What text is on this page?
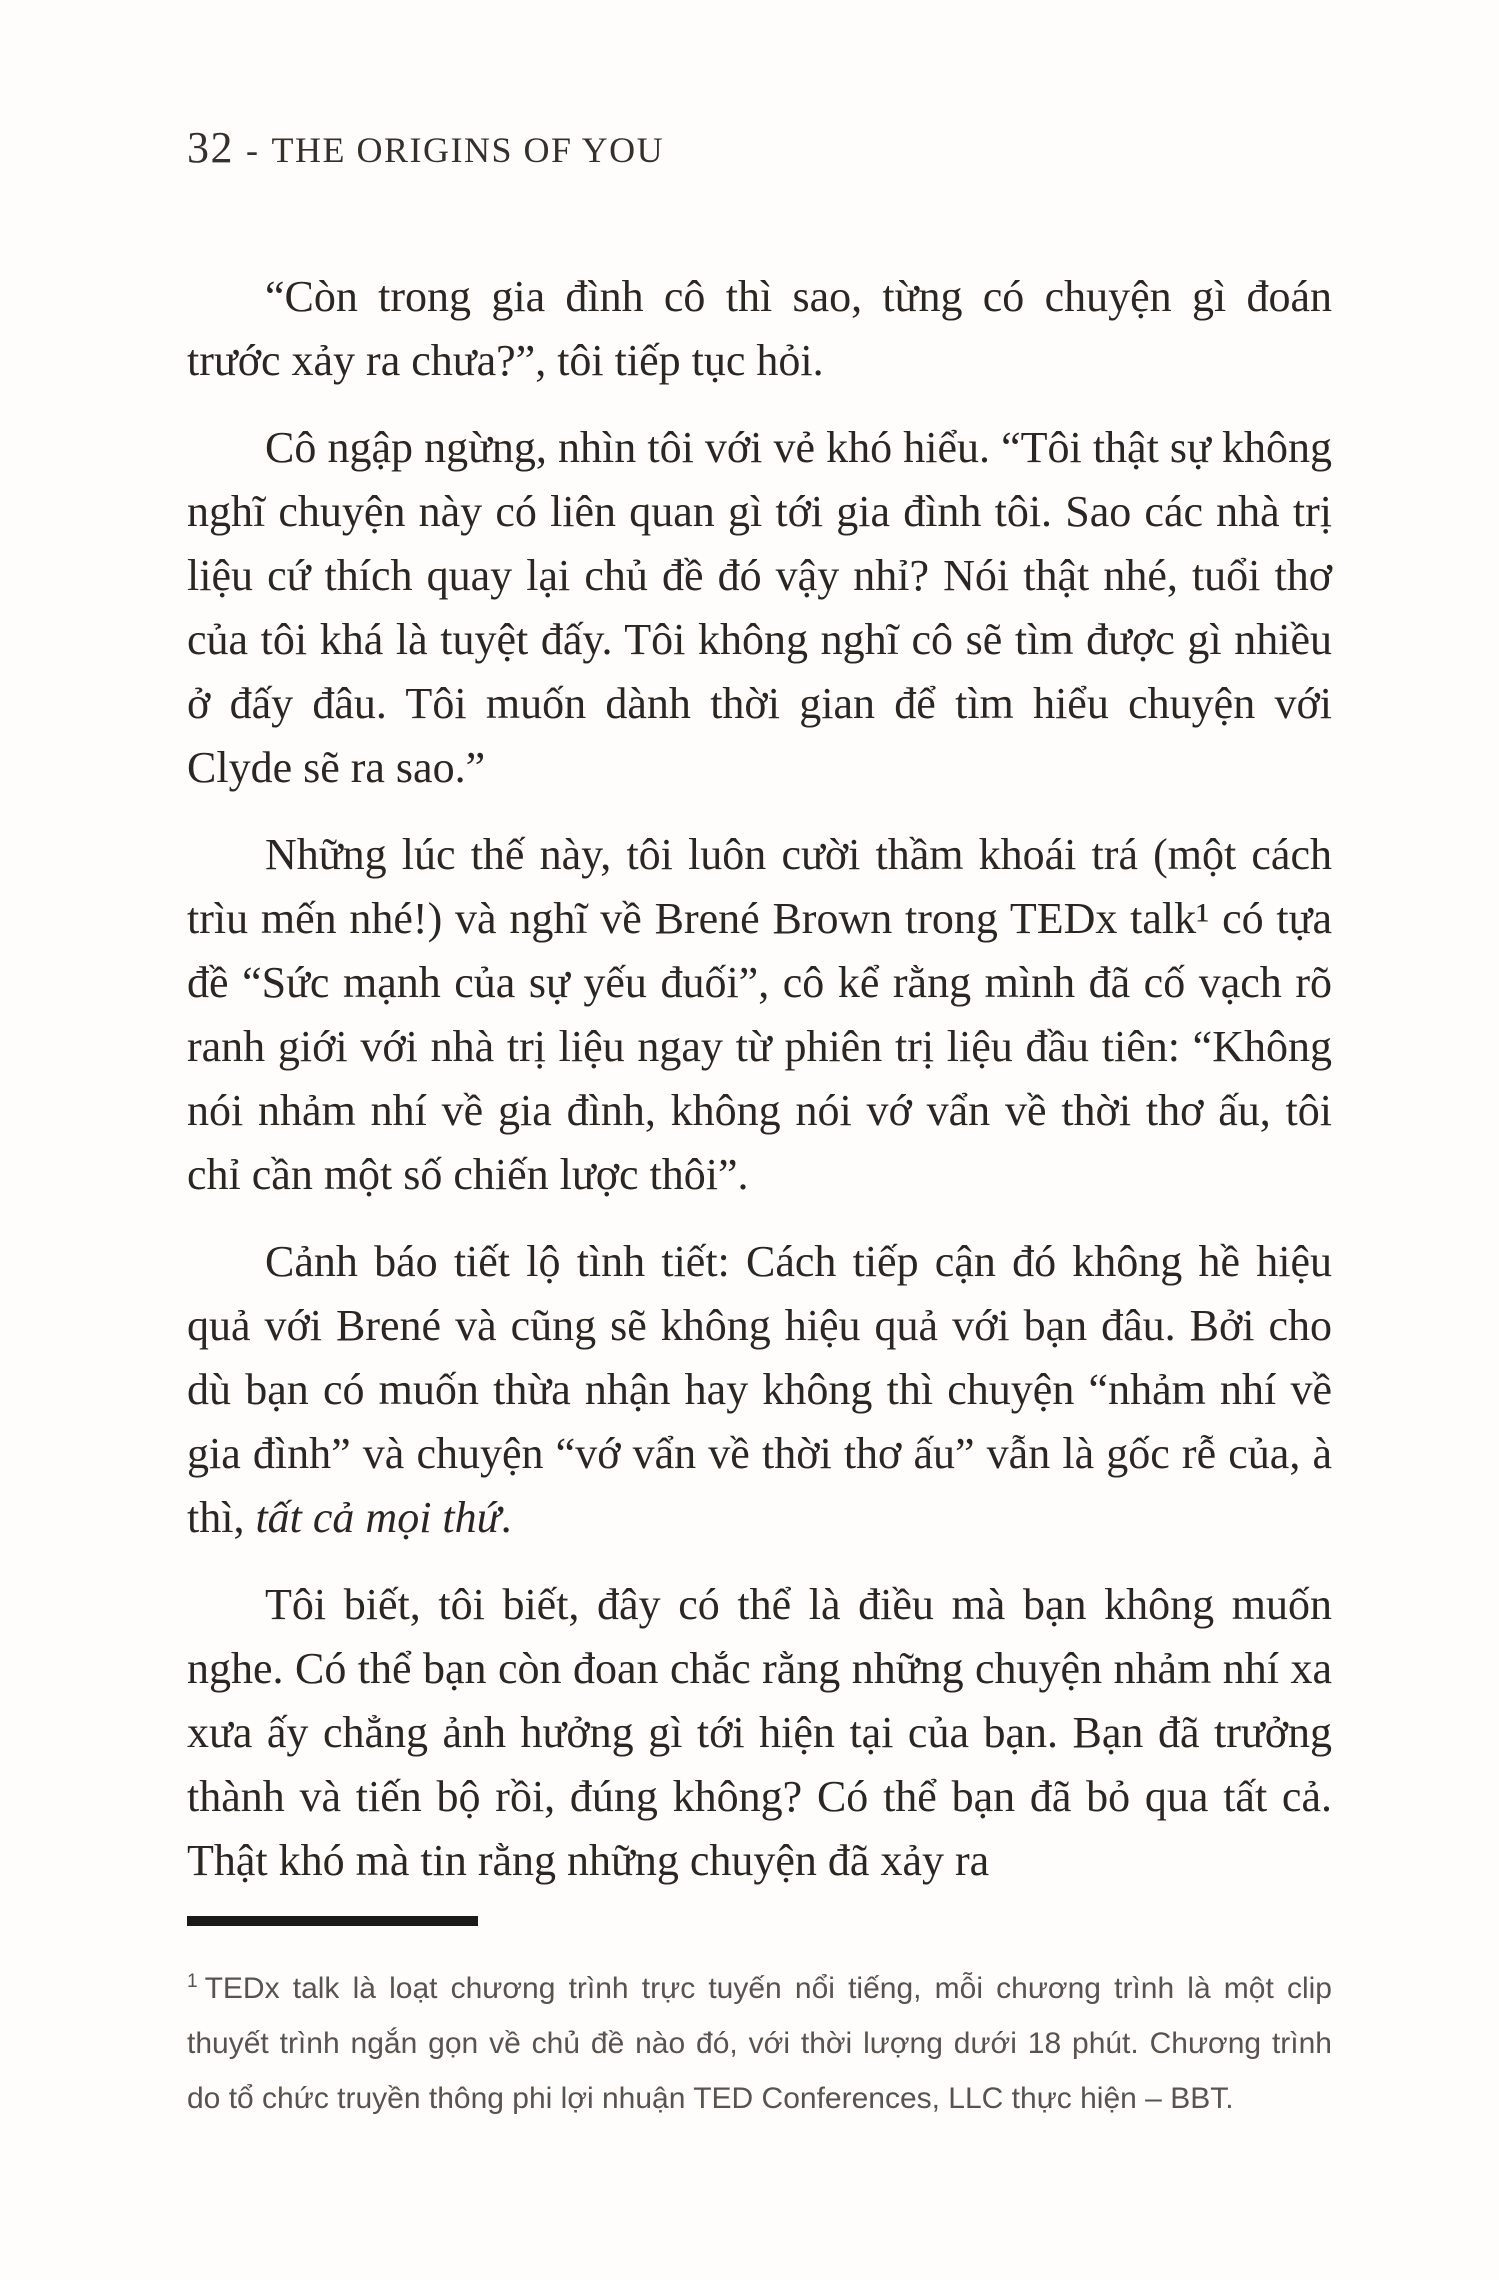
32 - THE ORIGINS OF YOU

“Còn trong gia đình cô thì sao, từng có chuyện gì đoán trước xảy ra chưa?”, tôi tiếp tục hỏi.

Cô ngập ngừng, nhìn tôi với vẻ khó hiểu. “Tôi thật sự không nghĩ chuyện này có liên quan gì tới gia đình tôi. Sao các nhà trị liệu cứ thích quay lại chủ đề đó vậy nhỉ? Nói thật nhé, tuổi thơ của tôi khá là tuyệt đấy. Tôi không nghĩ cô sẽ tìm được gì nhiều ở đấy đâu. Tôi muốn dành thời gian để tìm hiểu chuyện với Clyde sẽ ra sao.”

Những lúc thế này, tôi luôn cười thầm khoái trá (một cách trìu mến nhé!) và nghĩ về Brené Brown trong TEDx talk¹ có tựa đề “Sức mạnh của sự yếu đuối”, cô kể rằng mình đã cố vạch rõ ranh giới với nhà trị liệu ngay từ phiên trị liệu đầu tiên: “Không nói nhảm nhí về gia đình, không nói vớ vẩn về thời thơ ấu, tôi chỉ cần một số chiến lược thôi”.

Cảnh báo tiết lộ tình tiết: Cách tiếp cận đó không hề hiệu quả với Brené và cũng sẽ không hiệu quả với bạn đâu. Bởi cho dù bạn có muốn thừa nhận hay không thì chuyện “nhảm nhí về gia đình” và chuyện “vớ vẩn về thời thơ ấu” vẫn là gốc rễ của, à thì, tất cả mọi thứ.

Tôi biết, tôi biết, đây có thể là điều mà bạn không muốn nghe. Có thể bạn còn đoan chắc rằng những chuyện nhảm nhí xa xưa ấy chẳng ảnh hưởng gì tới hiện tại của bạn. Bạn đã trưởng thành và tiến bộ rồi, đúng không? Có thể bạn đã bỏ qua tất cả. Thật khó mà tin rằng những chuyện đã xảy ra

$^1$ TEDx talk là loạt chương trình trực tuyến nổi tiếng, mỗi chương trình là một clip thuyết trình ngắn gọn về chủ đề nào đó, với thời lượng dưới 18 phút. Chương trình do tổ chức truyền thông phi lợi nhuận TED Conferences, LLC thực hiện – BBT.
